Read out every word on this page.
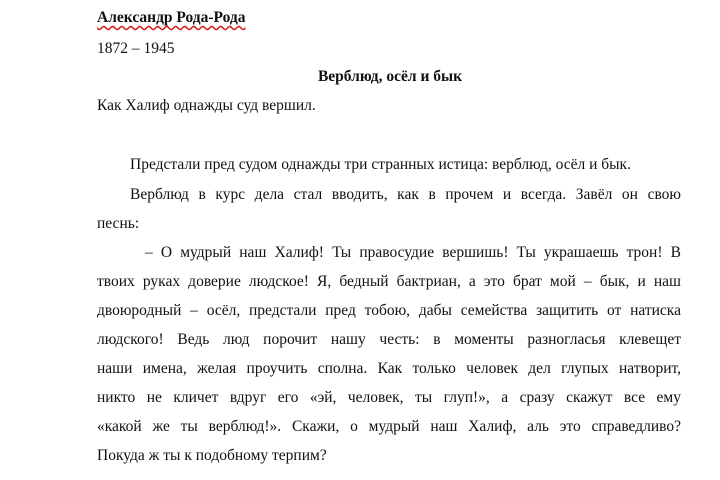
Александр Рода-Рода
1872 – 1945
Верблюд, осёл и бык
Как Халиф однажды суд вершил.
Предстали пред судом однажды три странных истица: верблюд, осёл и бык.
Верблюд в курс дела стал вводить, как в прочем и всегда. Завёл он свою
песнь:
– О мудрый наш Халиф! Ты правосудие вершишь! Ты украшаешь трон! В
твоих руках доверие людское! Я, бедный бактриан, а это брат мой – бык, и наш
двоюродный – осёл, предстали пред тобою, дабы семейства защитить от натиска
людского! Ведь люд порочит нашу честь: в моменты разногласья клевещет
наши имена, желая проучить сполна. Как только человек дел глупых натворит,
никто не кличет вдруг его «эй, человек, ты глуп!», а сразу скажут все ему
«какой же ты верблюд!». Скажи, о мудрый наш Халиф, аль это справедливо?
Покуда ж ты к подобному терпим?
